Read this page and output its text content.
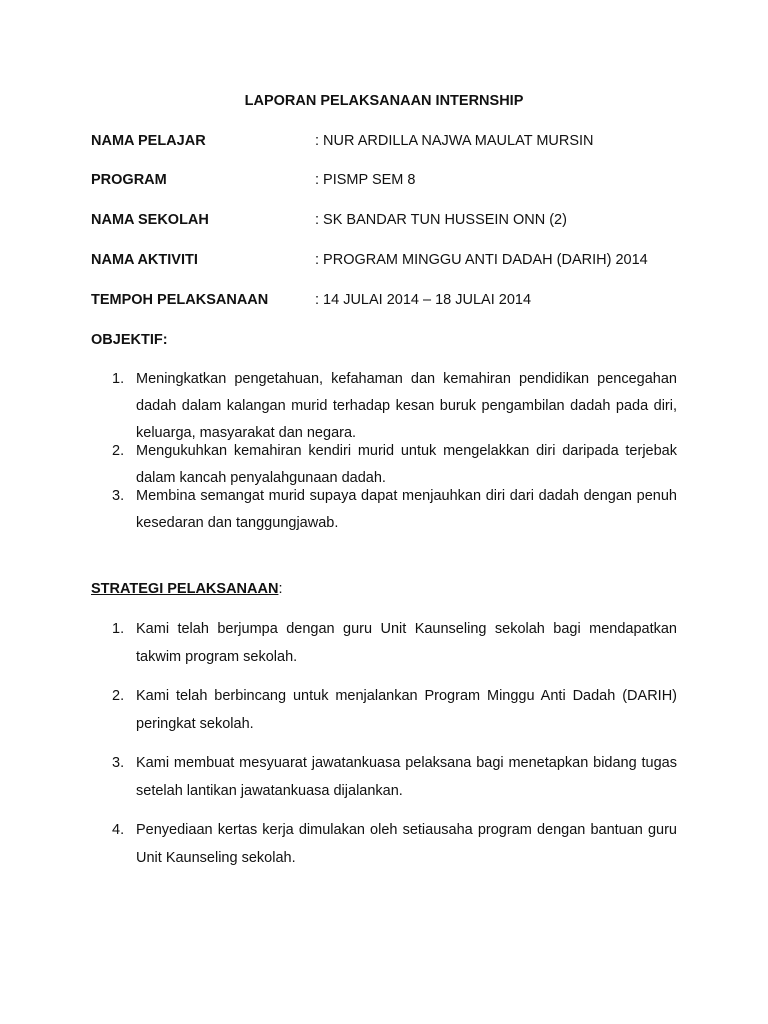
LAPORAN PELAKSANAAN INTERNSHIP
NAMA PELAJAR	: NUR ARDILLA NAJWA MAULAT MURSIN
PROGRAM	: PISMP SEM 8
NAMA SEKOLAH	: SK BANDAR TUN HUSSEIN ONN (2)
NAMA AKTIVITI	: PROGRAM MINGGU ANTI DADAH (DARIH) 2014
TEMPOH PELAKSANAAN	: 14 JULAI 2014 – 18 JULAI 2014
OBJEKTIF:
1. Meningkatkan pengetahuan, kefahaman dan kemahiran pendidikan pencegahan dadah dalam kalangan murid terhadap kesan buruk pengambilan dadah pada diri, keluarga, masyarakat dan negara.
2. Mengukuhkan kemahiran kendiri murid untuk mengelakkan diri daripada terjebak dalam kancah penyalahgunaan dadah.
3. Membina semangat murid supaya dapat menjauhkan diri dari dadah dengan penuh kesedaran dan tanggungjawab.
STRATEGI PELAKSANAAN:
1. Kami telah berjumpa dengan guru Unit Kaunseling sekolah bagi mendapatkan takwim program sekolah.
2. Kami telah berbincang untuk menjalankan Program Minggu Anti Dadah (DARIH) peringkat sekolah.
3. Kami membuat mesyuarat jawatankuasa pelaksana bagi menetapkan bidang tugas setelah lantikan jawatankuasa dijalankan.
4. Penyediaan kertas kerja dimulakan oleh setiausaha program dengan bantuan guru Unit Kaunseling sekolah.
